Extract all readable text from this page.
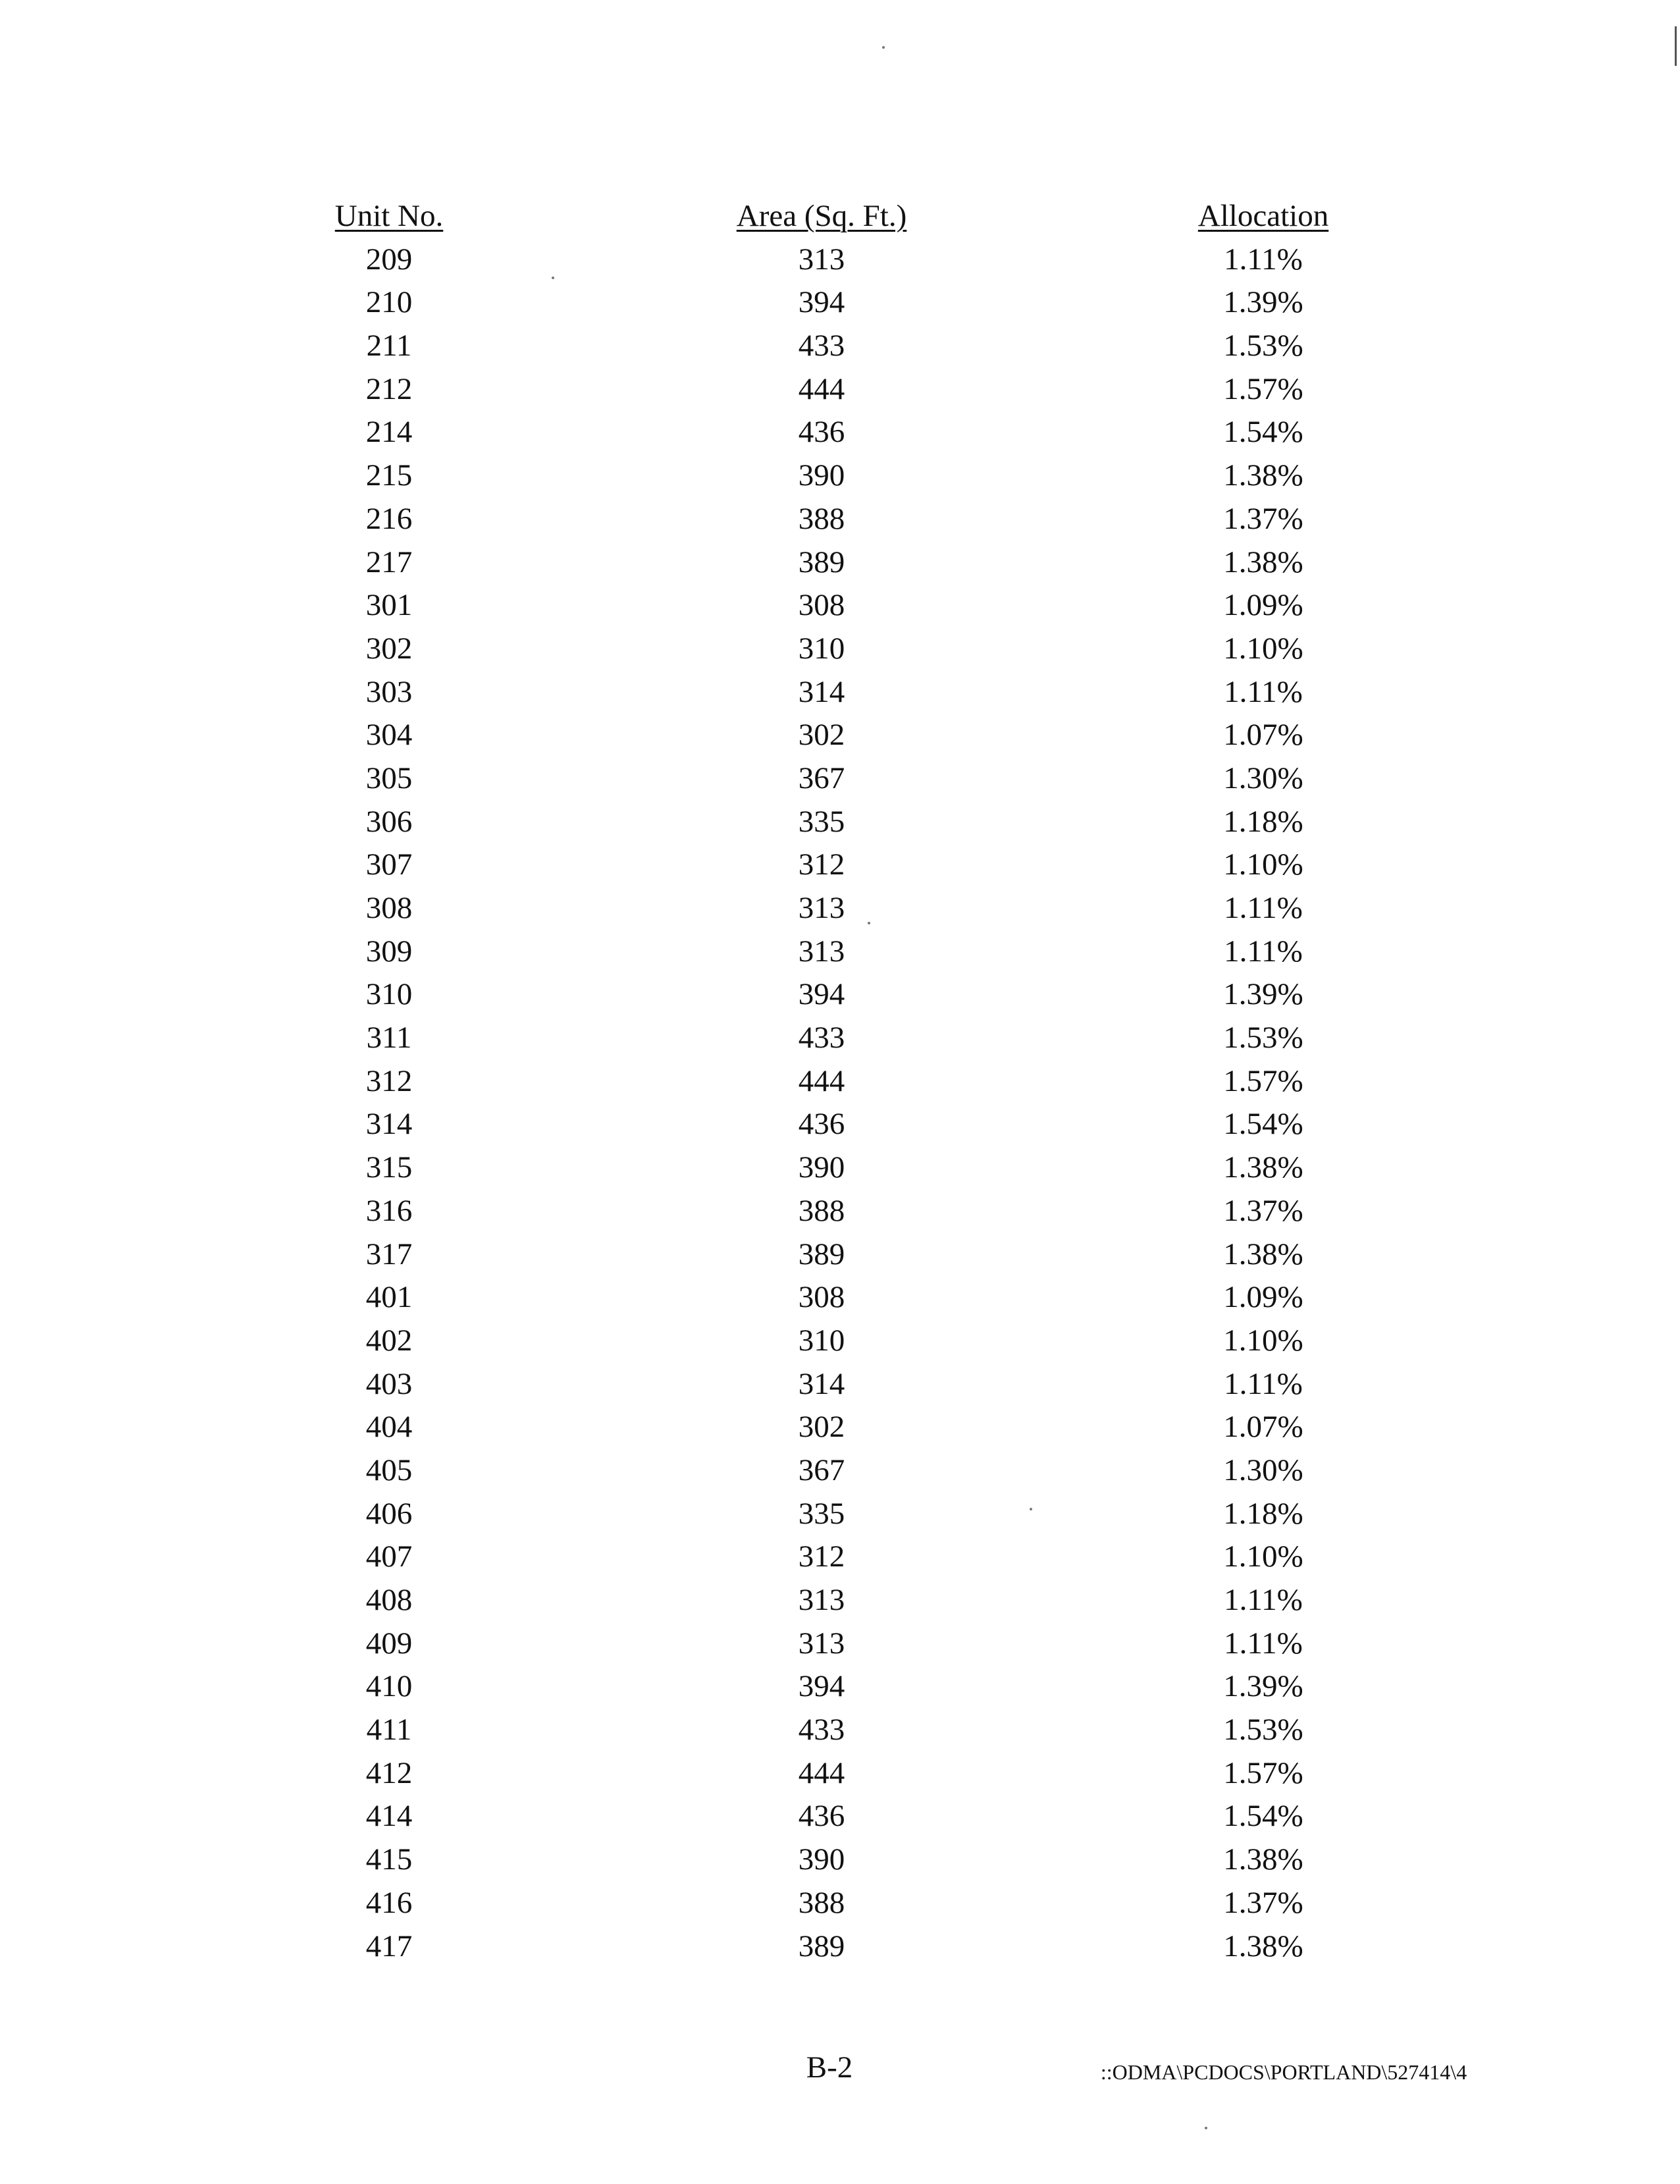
Unit No.	Area (Sq. Ft.)	Allocation
209	313	1.11%
210	394	1.39%
211	433	1.53%
212	444	1.57%
214	436	1.54%
215	390	1.38%
216	388	1.37%
217	389	1.38%
301	308	1.09%
302	310	1.10%
303	314	1.11%
304	302	1.07%
305	367	1.30%
306	335	1.18%
307	312	1.10%
308	313	1.11%
309	313	1.11%
310	394	1.39%
311	433	1.53%
312	444	1.57%
314	436	1.54%
315	390	1.38%
316	388	1.37%
317	389	1.38%
401	308	1.09%
402	310	1.10%
403	314	1.11%
404	302	1.07%
405	367	1.30%
406	335	1.18%
407	312	1.10%
408	313	1.11%
409	313	1.11%
410	394	1.39%
411	433	1.53%
412	444	1.57%
414	436	1.54%
415	390	1.38%
416	388	1.37%
417	389	1.38%
B-2	::ODMA\PCDOCS\PORTLAND\527414\4
